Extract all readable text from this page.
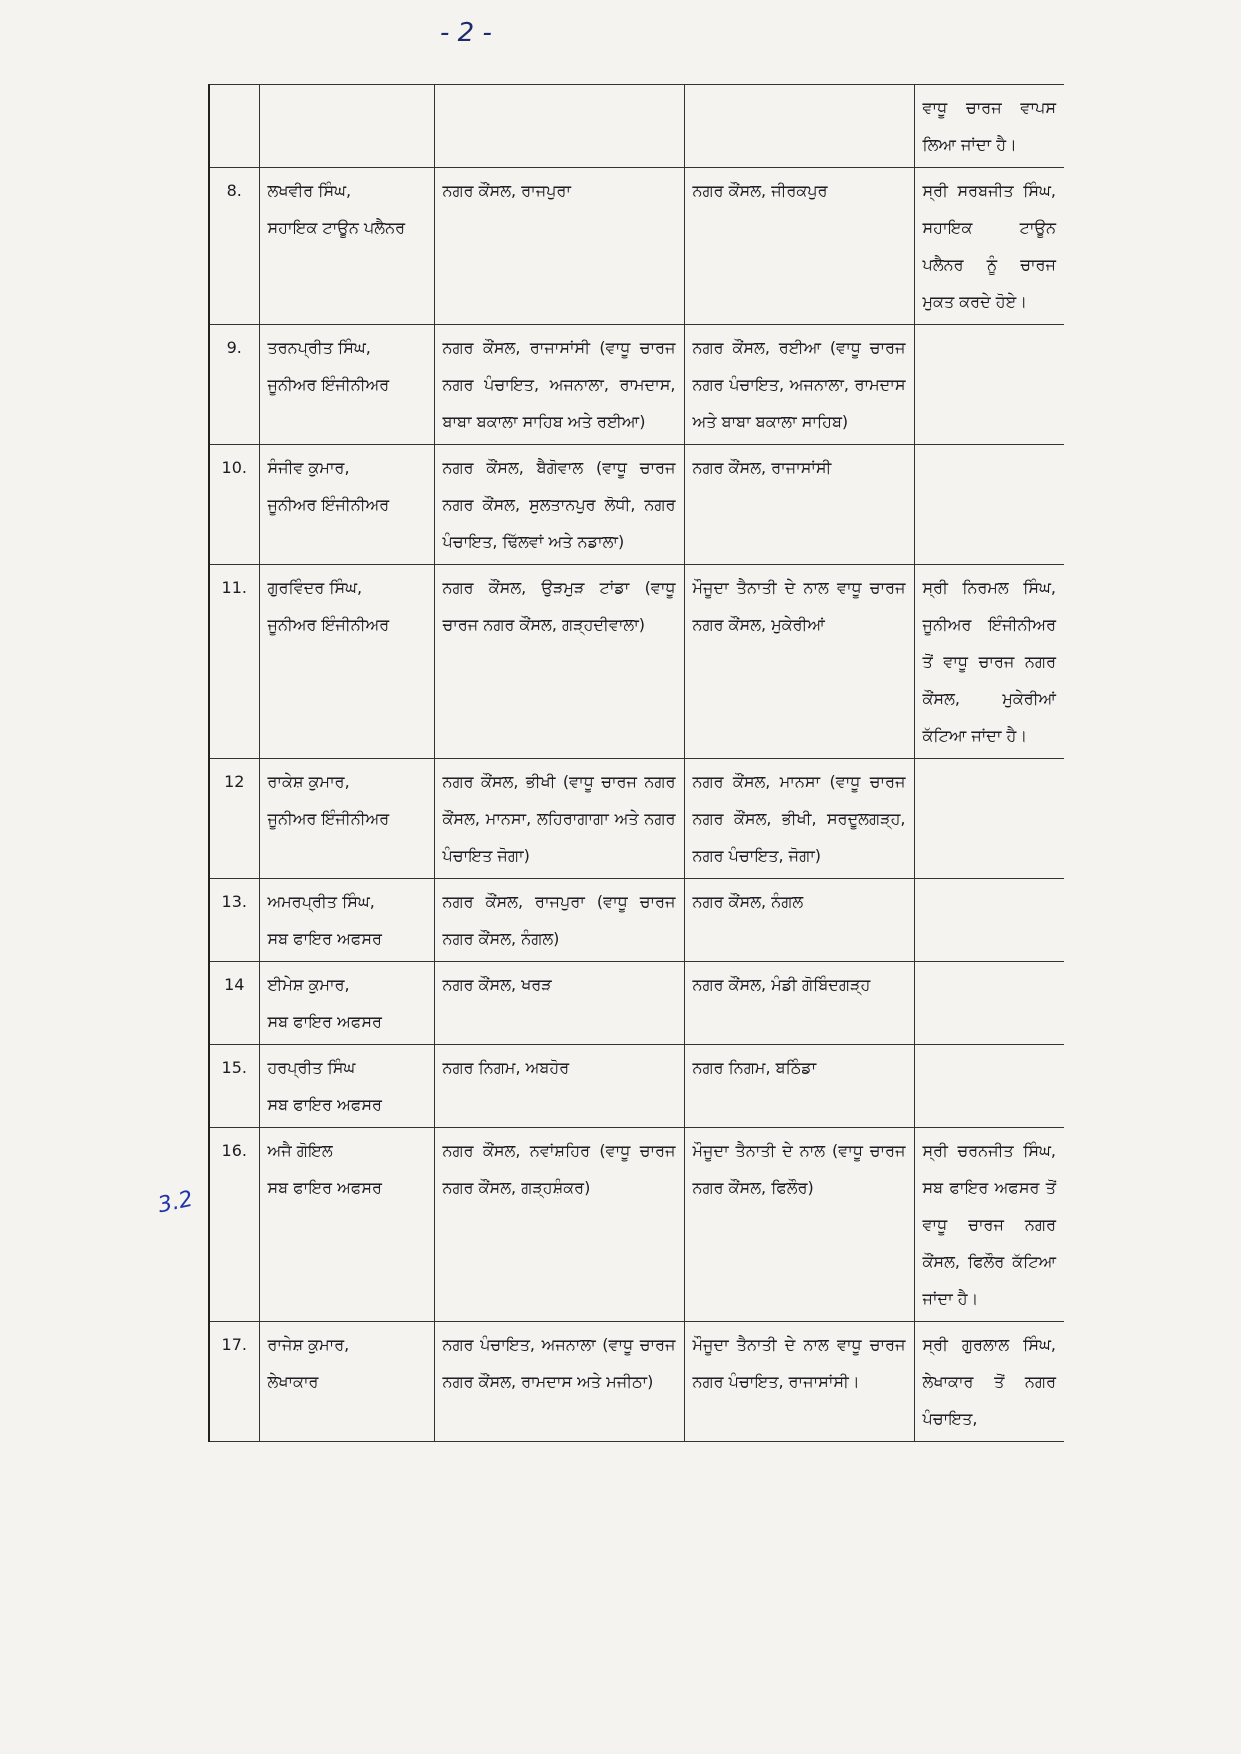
- 2 -
3.2

			ਵਾਧੂ ਚਾਰਜ ਵਾਪਸ ਲਿਆ ਜਾਂਦਾ ਹੈ।
8.	ਲਖਵੀਰ ਸਿੰਘ,
ਸਹਾਇਕ ਟਾਊਨ ਪਲੈਨਰ	ਨਗਰ ਕੌਂਸਲ, ਰਾਜਪੁਰਾ	ਨਗਰ ਕੌਂਸਲ, ਜੀਰਕਪੁਰ	ਸ੍ਰੀ ਸਰਬਜੀਤ ਸਿੰਘ, ਸਹਾਇਕ ਟਾਊਨ ਪਲੈਨਰ ਨੂੰ ਚਾਰਜ ਮੁਕਤ ਕਰਦੇ ਹੋਏ।
9.	ਤਰਨਪ੍ਰੀਤ ਸਿੰਘ,
ਜੂਨੀਅਰ ਇੰਜੀਨੀਅਰ	ਨਗਰ ਕੌਂਸਲ, ਰਾਜਾਸਾਂਸੀ (ਵਾਧੂ ਚਾਰਜ ਨਗਰ ਪੰਚਾਇਤ, ਅਜਨਾਲਾ, ਰਾਮਦਾਸ, ਬਾਬਾ ਬਕਾਲਾ ਸਾਹਿਬ ਅਤੇ ਰਈਆ)	ਨਗਰ ਕੌਂਸਲ, ਰਈਆ (ਵਾਧੂ ਚਾਰਜ ਨਗਰ ਪੰਚਾਇਤ, ਅਜਨਾਲਾ, ਰਾਮਦਾਸ ਅਤੇ ਬਾਬਾ ਬਕਾਲਾ ਸਾਹਿਬ)	
10.	ਸੰਜੀਵ ਕੁਮਾਰ,
ਜੂਨੀਅਰ ਇੰਜੀਨੀਅਰ	ਨਗਰ ਕੌਂਸਲ, ਬੈਗੋਵਾਲ (ਵਾਧੂ ਚਾਰਜ ਨਗਰ ਕੌਂਸਲ, ਸੁਲਤਾਨਪੁਰ ਲੋਧੀ, ਨਗਰ ਪੰਚਾਇਤ, ਢਿੱਲਵਾਂ ਅਤੇ ਨਡਾਲਾ)	ਨਗਰ ਕੌਂਸਲ, ਰਾਜਾਸਾਂਸੀ	
11.	ਗੁਰਵਿੰਦਰ ਸਿੰਘ,
ਜੂਨੀਅਰ ਇੰਜੀਨੀਅਰ	ਨਗਰ ਕੌਂਸਲ, ਉੜਮੁੜ ਟਾਂਡਾ (ਵਾਧੂ ਚਾਰਜ ਨਗਰ ਕੌਂਸਲ, ਗੜ੍ਹਦੀਵਾਲਾ)	ਮੌਜੂਦਾ ਤੈਨਾਤੀ ਦੇ ਨਾਲ ਵਾਧੂ ਚਾਰਜ ਨਗਰ ਕੌਂਸਲ, ਮੁਕੇਰੀਆਂ	ਸ੍ਰੀ ਨਿਰਮਲ ਸਿੰਘ, ਜੂਨੀਅਰ ਇੰਜੀਨੀਅਰ ਤੋਂ ਵਾਧੂ ਚਾਰਜ ਨਗਰ ਕੌਂਸਲ, ਮੁਕੇਰੀਆਂ ਕੱਟਿਆ ਜਾਂਦਾ ਹੈ।
12	ਰਾਕੇਸ਼ ਕੁਮਾਰ,
ਜੂਨੀਅਰ ਇੰਜੀਨੀਅਰ	ਨਗਰ ਕੌਂਸਲ, ਭੀਖੀ (ਵਾਧੂ ਚਾਰਜ ਨਗਰ ਕੌਂਸਲ, ਮਾਨਸਾ, ਲਹਿਰਾਗਾਗਾ ਅਤੇ ਨਗਰ ਪੰਚਾਇਤ ਜੋਗਾ)	ਨਗਰ ਕੌਂਸਲ, ਮਾਨਸਾ (ਵਾਧੂ ਚਾਰਜ ਨਗਰ ਕੌਂਸਲ, ਭੀਖੀ, ਸਰਦੂਲਗੜ੍ਹ, ਨਗਰ ਪੰਚਾਇਤ, ਜੋਗਾ)	
13.	ਅਮਰਪ੍ਰੀਤ ਸਿੰਘ,
ਸਬ ਫਾਇਰ ਅਫਸਰ	ਨਗਰ ਕੌਂਸਲ, ਰਾਜਪੁਰਾ (ਵਾਧੂ ਚਾਰਜ ਨਗਰ ਕੌਂਸਲ, ਨੰਗਲ)	ਨਗਰ ਕੌਂਸਲ, ਨੰਗਲ	
14	ਈਮੇਸ਼ ਕੁਮਾਰ,
ਸਬ ਫਾਇਰ ਅਫਸਰ	ਨਗਰ ਕੌਂਸਲ, ਖਰੜ	ਨਗਰ ਕੌਂਸਲ, ਮੰਡੀ ਗੋਬਿੰਦਗੜ੍ਹ	
15.	ਹਰਪ੍ਰੀਤ ਸਿੰਘ
ਸਬ ਫਾਇਰ ਅਫਸਰ	ਨਗਰ ਨਿਗਮ, ਅਬਹੋਰ	ਨਗਰ ਨਿਗਮ, ਬਠਿੰਡਾ	
16.	ਅਜੈ ਗੋਇਲ
ਸਬ ਫਾਇਰ ਅਫਸਰ	ਨਗਰ ਕੌਂਸਲ, ਨਵਾਂਸ਼ਹਿਰ (ਵਾਧੂ ਚਾਰਜ ਨਗਰ ਕੌਂਸਲ, ਗੜ੍ਹਸ਼ੰਕਰ)	ਮੌਜੂਦਾ ਤੈਨਾਤੀ ਦੇ ਨਾਲ (ਵਾਧੂ ਚਾਰਜ ਨਗਰ ਕੌਂਸਲ, ਫਿਲੌਰ)	ਸ੍ਰੀ ਚਰਨਜੀਤ ਸਿੰਘ, ਸਬ ਫਾਇਰ ਅਫਸਰ ਤੋਂ ਵਾਧੂ ਚਾਰਜ ਨਗਰ ਕੌਂਸਲ, ਫਿਲੌਰ ਕੱਟਿਆ ਜਾਂਦਾ ਹੈ।
17.	ਰਾਜੇਸ਼ ਕੁਮਾਰ,
ਲੇਖਾਕਾਰ	ਨਗਰ ਪੰਚਾਇਤ, ਅਜਨਾਲਾ (ਵਾਧੂ ਚਾਰਜ ਨਗਰ ਕੌਂਸਲ, ਰਾਮਦਾਸ ਅਤੇ ਮਜੀਠਾ)	ਮੌਜੂਦਾ ਤੈਨਾਤੀ ਦੇ ਨਾਲ ਵਾਧੂ ਚਾਰਜ ਨਗਰ ਪੰਚਾਇਤ, ਰਾਜਾਸਾਂਸੀ।	ਸ੍ਰੀ ਗੁਰਲਾਲ ਸਿੰਘ, ਲੇਖਾਕਾਰ ਤੋਂ ਨਗਰ ਪੰਚਾਇਤ,
